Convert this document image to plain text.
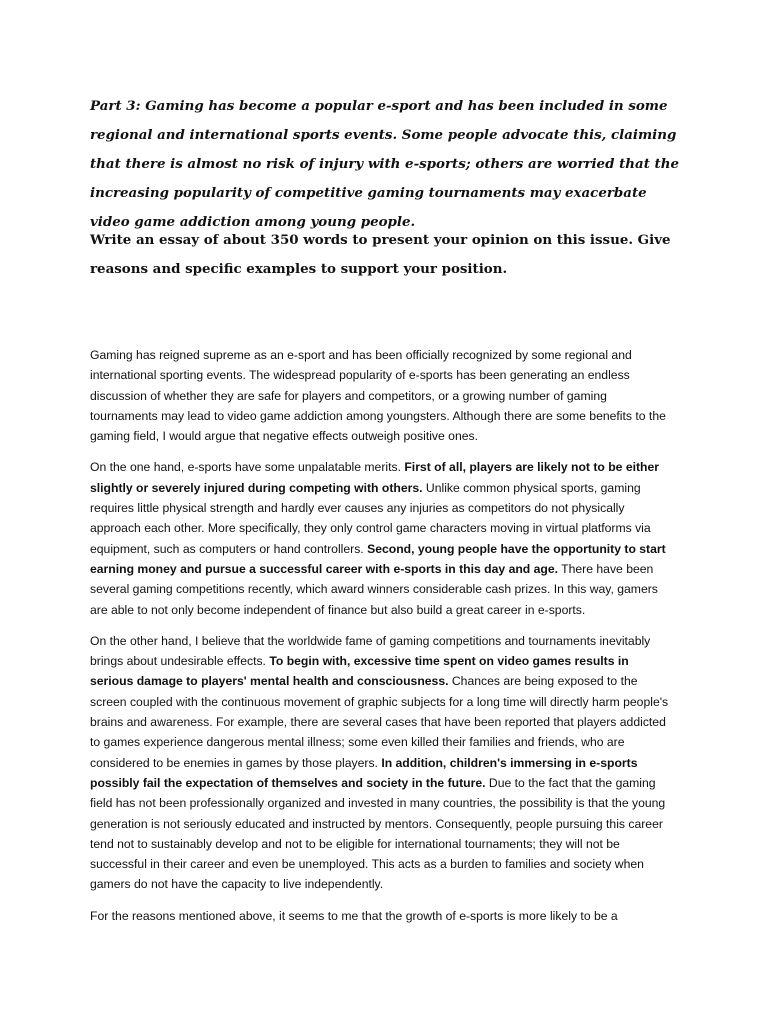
Part 3: Gaming has become a popular e-sport and has been included in some regional and international sports events. Some people advocate this, claiming that there is almost no risk of injury with e-sports; others are worried that the increasing popularity of competitive gaming tournaments may exacerbate video game addiction among young people.

Write an essay of about 350 words to present your opinion on this issue. Give reasons and specific examples to support your position.

Gaming has reigned supreme as an e-sport and has been officially recognized by some regional and international sporting events. The widespread popularity of e-sports has been generating an endless discussion of whether they are safe for players and competitors, or a growing number of gaming tournaments may lead to video game addiction among youngsters. Although there are some benefits to the gaming field, I would argue that negative effects outweigh positive ones.

On the one hand, e-sports have some unpalatable merits. First of all, players are likely not to be either slightly or severely injured during competing with others. Unlike common physical sports, gaming requires little physical strength and hardly ever causes any injuries as competitors do not physically approach each other. More specifically, they only control game characters moving in virtual platforms via equipment, such as computers or hand controllers. Second, young people have the opportunity to start earning money and pursue a successful career with e-sports in this day and age. There have been several gaming competitions recently, which award winners considerable cash prizes. In this way, gamers are able to not only become independent of finance but also build a great career in e-sports.

On the other hand, I believe that the worldwide fame of gaming competitions and tournaments inevitably brings about undesirable effects. To begin with, excessive time spent on video games results in serious damage to players' mental health and consciousness. Chances are being exposed to the screen coupled with the continuous movement of graphic subjects for a long time will directly harm people's brains and awareness. For example, there are several cases that have been reported that players addicted to games experience dangerous mental illness; some even killed their families and friends, who are considered to be enemies in games by those players. In addition, children's immersing in e-sports possibly fail the expectation of themselves and society in the future. Due to the fact that the gaming field has not been professionally organized and invested in many countries, the possibility is that the young generation is not seriously educated and instructed by mentors. Consequently, people pursuing this career tend not to sustainably develop and not to be eligible for international tournaments; they will not be successful in their career and even be unemployed. This acts as a burden to families and society when gamers do not have the capacity to live independently.

For the reasons mentioned above, it seems to me that the growth of e-sports is more likely to be a
